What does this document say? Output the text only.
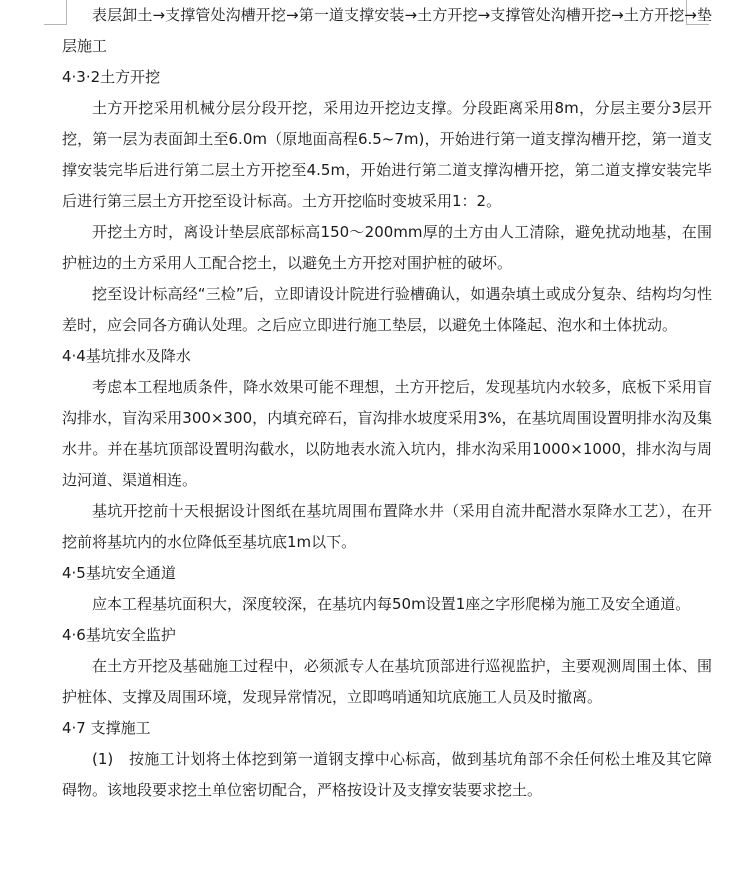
表层卸土→支撑管处沟槽开挖→第一道支撑安装→土方开挖→支撑管处沟槽开挖→土方开挖→垫层施工

4·3·2土方开挖

土方开挖采用机械分层分段开挖，采用边开挖边支撑。分段距离采用8m，分层主要分3层开挖，第一层为表面卸土至6.0m（原地面高程6.5~7m)，开始进行第一道支撑沟槽开挖，第一道支撑安装完毕后进行第二层土方开挖至4.5m，开始进行第二道支撑沟槽开挖，第二道支撑安装完毕后进行第三层土方开挖至设计标高。土方开挖临时变坡采用1：2。

开挖土方时，离设计垫层底部标高150～200mm厚的土方由人工清除，避免扰动地基，在围护桩边的土方采用人工配合挖土，以避免土方开挖对围护桩的破坏。

挖至设计标高经“三检”后，立即请设计院进行验槽确认，如遇杂填土或成分复杂、结构均匀性差时，应会同各方确认处理。之后应立即进行施工垫层，以避免土体隆起、泡水和土体扰动。

4·4基坑排水及降水

考虑本工程地质条件，降水效果可能不理想，土方开挖后，发现基坑内水较多，底板下采用盲沟排水，盲沟采用300×300，内填充碎石，盲沟排水坡度采用3%，在基坑周围设置明排水沟及集水井。并在基坑顶部设置明沟截水，以防地表水流入坑内，排水沟采用1000×1000，排水沟与周边河道、渠道相连。

基坑开挖前十天根据设计图纸在基坑周围布置降水井（采用自流井配潜水泵降水工艺），在开挖前将基坑内的水位降低至基坑底1m以下。

4·5基坑安全通道

应本工程基坑面积大，深度较深，在基坑内每50m设置1座之字形爬梯为施工及安全通道。

4·6基坑安全监护

在土方开挖及基础施工过程中，必须派专人在基坑顶部进行巡视监护，主要观测周围土体、围护桩体、支撑及周围环境，发现异常情况，立即鸣哨通知坑底施工人员及时撤离。

4·7 支撑施工

(1)　按施工计划将土体挖到第一道钢支撑中心标高，做到基坑角部不余任何松土堆及其它障碍物。该地段要求挖土单位密切配合，严格按设计及支撑安装要求挖土。
